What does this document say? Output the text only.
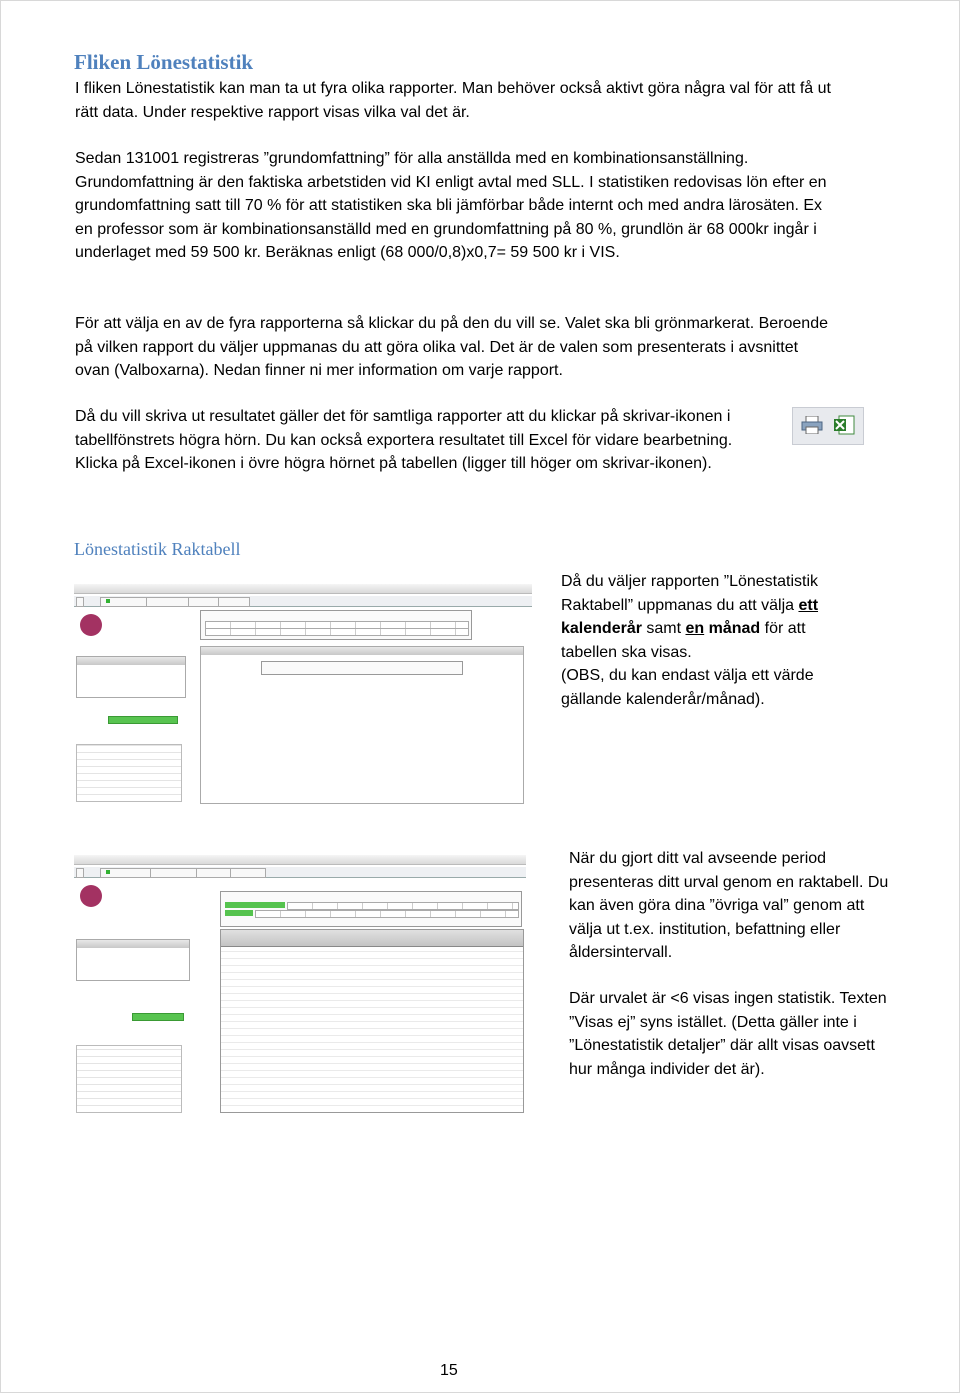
Fliken Lönestatistik

I fliken Lönestatistik kan man ta ut fyra olika rapporter. Man behöver också aktivt göra några val för att få ut rätt data. Under respektive rapport visas vilka val det är.

Sedan 131001 registreras ”grundomfattning” för alla anställda med en kombinationsanställning. Grundomfattning är den faktiska arbetstiden vid KI enligt avtal med SLL. I statistiken redovisas lön efter en grundomfattning satt till 70 % för att statistiken ska bli jämförbar både internt och med andra lärosäten. Ex en professor som är kombinationsanställd med en grundomfattning på 80 %, grundlön är 68 000kr ingår i underlaget med 59 500 kr. Beräknas enligt (68 000/0,8)x0,7= 59 500 kr i VIS.

För att välja en av de fyra rapporterna så klickar du på den du vill se. Valet ska bli grönmarkerat. Beroende på vilken rapport du väljer uppmanas du att göra olika val. Det är de valen som presenterats i avsnittet ovan (Valboxarna). Nedan finner ni mer information om varje rapport.

Då du vill skriva ut resultatet gäller det för samtliga rapporter att du klickar på skrivar-ikonen i tabellfönstrets högra hörn. Du kan också exportera resultatet till Excel för vidare bearbetning. Klicka på Excel-ikonen i övre högra hörnet på tabellen (ligger till höger om skrivar-ikonen).

Lönestatistik Raktabell

Då du väljer rapporten ”Lönestatistik Raktabell” uppmanas du att välja ett kalenderår samt en månad för att tabellen ska visas.
(OBS, du kan endast välja ett värde gällande kalenderår/månad).

När du gjort ditt val avseende period presenteras ditt urval genom en raktabell. Du kan även göra dina ”övriga val” genom att välja ut t.ex. institution, befattning eller åldersintervall.

Där urvalet är <6 visas ingen statistik. Texten ”Visas ej” syns istället. (Detta gäller inte i ”Lönestatistik detaljer” där allt visas oavsett hur många individer det är).

15
